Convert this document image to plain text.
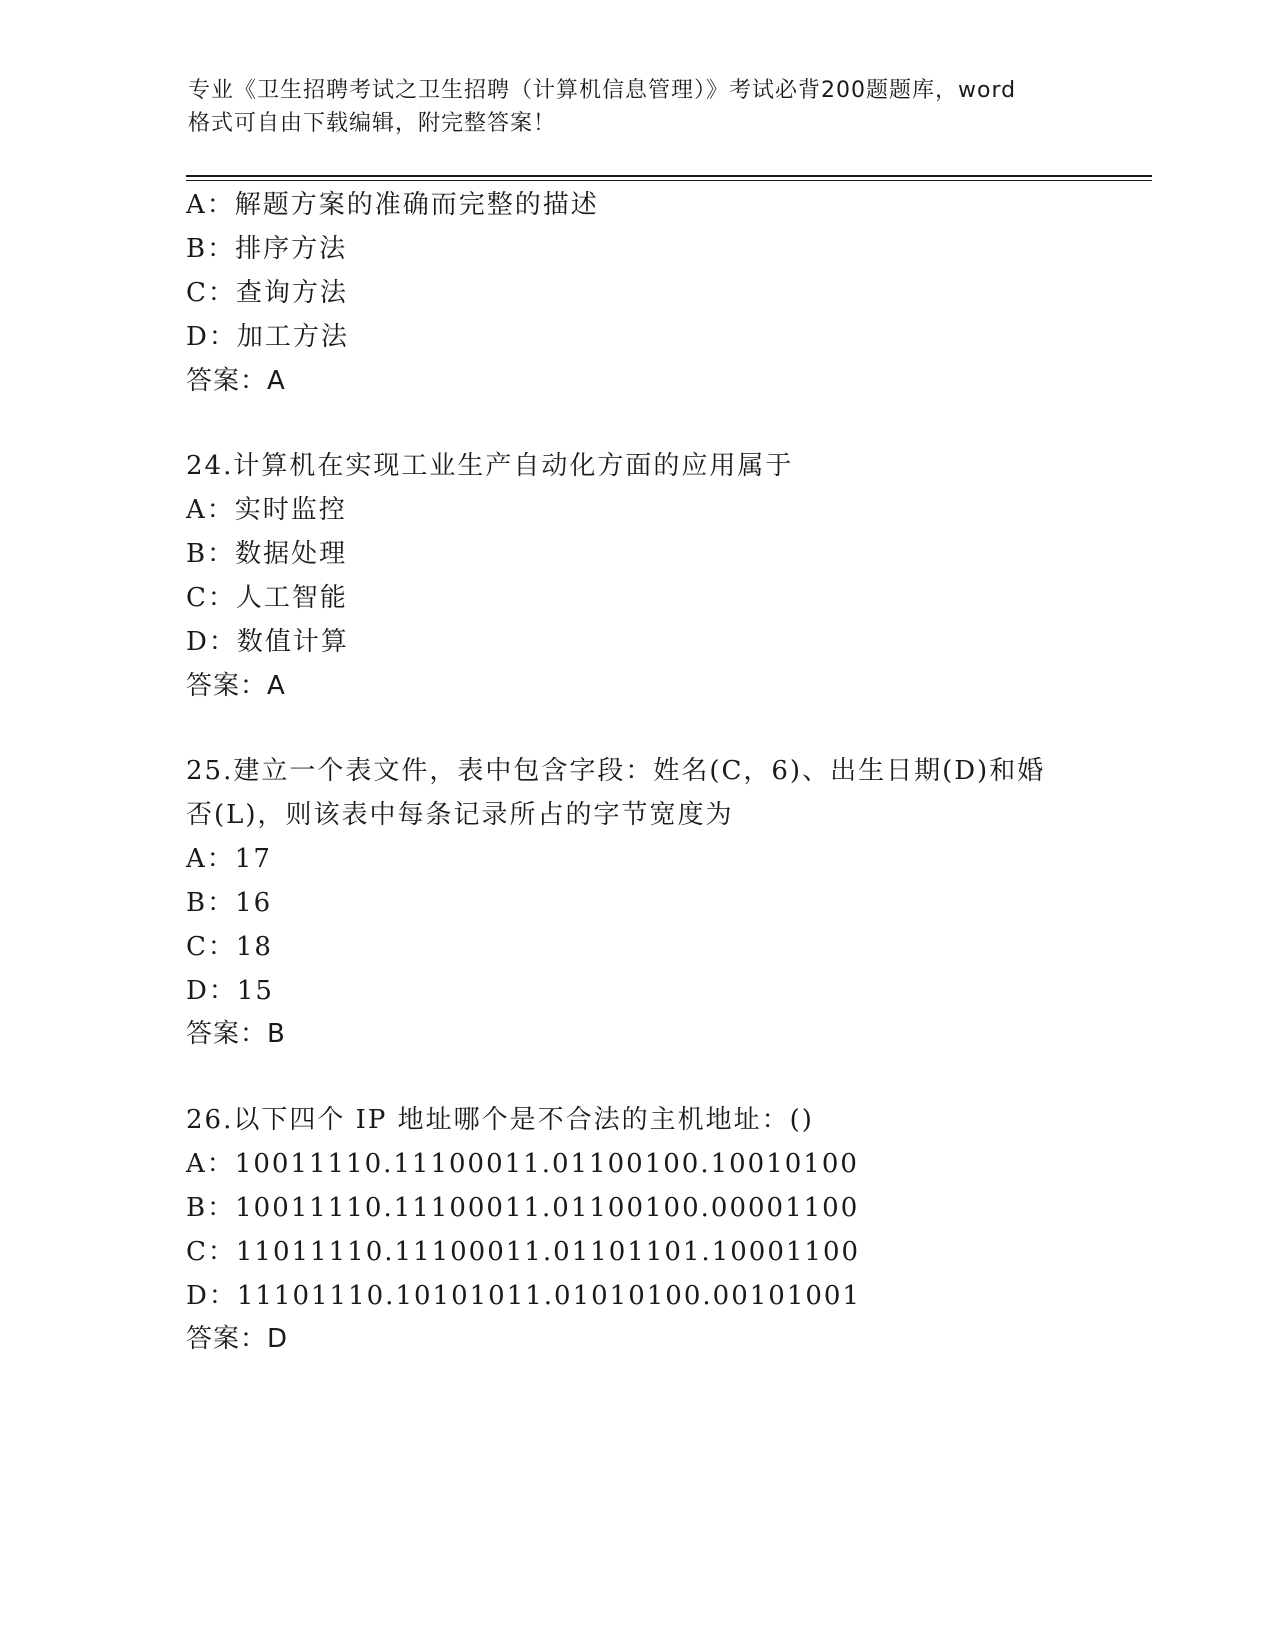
专业《卫生招聘考试之卫生招聘（计算机信息管理）》考试必背200题题库，word
格式可自由下载编辑，附完整答案！
A：解题方案的准确而完整的描述
B：排序方法
C：查询方法
D：加工方法
答案：A
24.计算机在实现工业生产自动化方面的应用属于
A：实时监控
B：数据处理
C：人工智能
D：数值计算
答案：A
25.建立一个表文件，表中包含字段：姓名(C，6)、出生日期(D)和婚
否(L)，则该表中每条记录所占的字节宽度为
A：17
B：16
C：18
D：15
答案：B
26.以下四个 IP 地址哪个是不合法的主机地址：()
A：10011110.11100011.01100100.10010100
B：10011110.11100011.01100100.00001100
C：11011110.11100011.01101101.10001100
D：11101110.10101011.01010100.00101001
答案：D
